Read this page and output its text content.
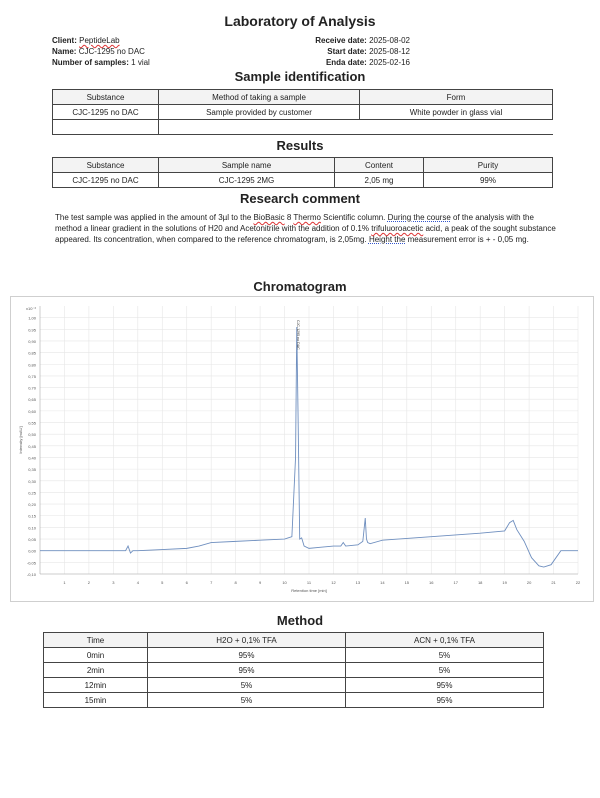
Laboratory of Analysis
Client: PeptideLab
Name: CJC-1295 no DAC
Number of samples: 1 vial
Receive date: 2025-08-02
Start date: 2025-08-12
Enda date: 2025-02-16
Sample identification
Substance	Method of taking a sample	Form
CJC-1295 no DAC	Sample provided by customer	White powder in glass vial

Results
Substance	Sample name	Content	Purity
CJC-1295 no DAC	CJC-1295 2MG	2,05 mg	99%
Research comment
The test sample was applied in the amount of 3µl to the BioBasic 8 Thermo Scientific column. During the course of the analysis with the method a linear gradient in the solutions of H20 and Acetonitrile with the addition of 0.1% trifuluoroacetic acid, a peak of the sought substance appeared. Its concentration, when compared to the reference chromatogram, is 2,05mg. Height the measurement error is + - 0,05 mg.
Chromatogram
1,00
0,95
0,90
0,85
0,80
0,75
0,70
0,65
0,60
0,55
0,50
0,45
0,40
0,35
0,30
0,25
0,20
0,15
0,10
0,05
0,00
-0,05
-0,10
1	2	3	4	5	6	7	8	9	10	11	12	13	14	15	16	17	18	19	20	21	22
Retention time [min]
Intensity [mAU]
x10⁻³
CJC-1295 no DAC
Method
Time	H2O + 0,1% TFA	ACN + 0,1% TFA
0min	95%	5%
2min	95%	5%
12min	5%	95%
15min	5%	95%
